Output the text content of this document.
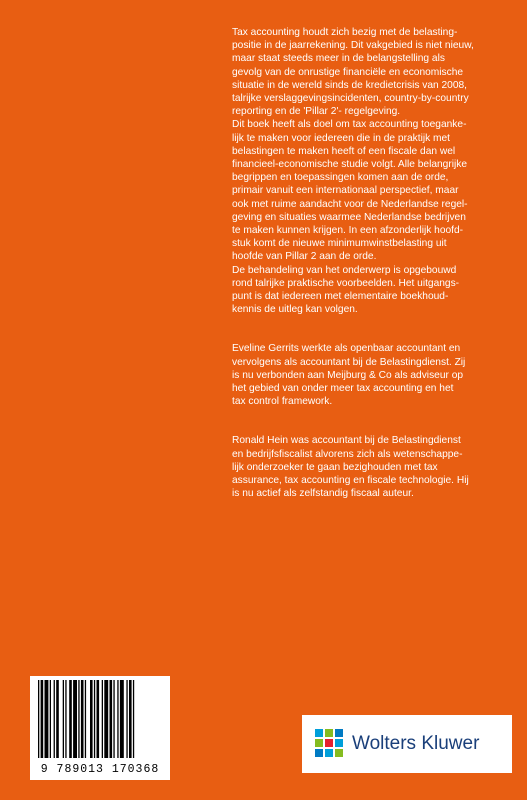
Tax accounting houdt zich bezig met de belasting-
positie in de jaarrekening. Dit vakgebied is niet nieuw,
maar staat steeds meer in de belangstelling als
gevolg van de onrustige financiële en economische
situatie in de wereld sinds de kredietcrisis van 2008,
talrijke verslaggevingsincidenten, country-by-country
reporting en de 'Pillar 2'- regelgeving.
Dit boek heeft als doel om tax accounting toeganke-
lijk te maken voor iedereen die in de praktijk met
belastingen te maken heeft of een fiscale dan wel
financieel-economische studie volgt. Alle belangrijke
begrippen en toepassingen komen aan de orde,
primair vanuit een internationaal perspectief, maar
ook met ruime aandacht voor de Nederlandse regel-
geving en situaties waarmee Nederlandse bedrijven
te maken kunnen krijgen. In een afzonderlijk hoofd-
stuk komt de nieuwe minimumwinstbelasting uit
hoofde van Pillar 2 aan de orde.
De behandeling van het onderwerp is opgebouwd
rond talrijke praktische voorbeelden. Het uitgangs-
punt is dat iedereen met elementaire boekhoud-
kennis de uitleg kan volgen.

Eveline Gerrits werkte als openbaar accountant en
vervolgens als accountant bij de Belastingdienst. Zij
is nu verbonden aan Meijburg & Co als adviseur op
het gebied van onder meer tax accounting en het
tax control framework.

Ronald Hein was accountant bij de Belastingdienst
en bedrijfsfiscalist alvorens zich als wetenschappe-
lijk onderzoeker te gaan bezighouden met tax
assurance, tax accounting en fiscale technologie. Hij
is nu actief als zelfstandig fiscaal auteur.

9 789013 170368
Wolters Kluwer
